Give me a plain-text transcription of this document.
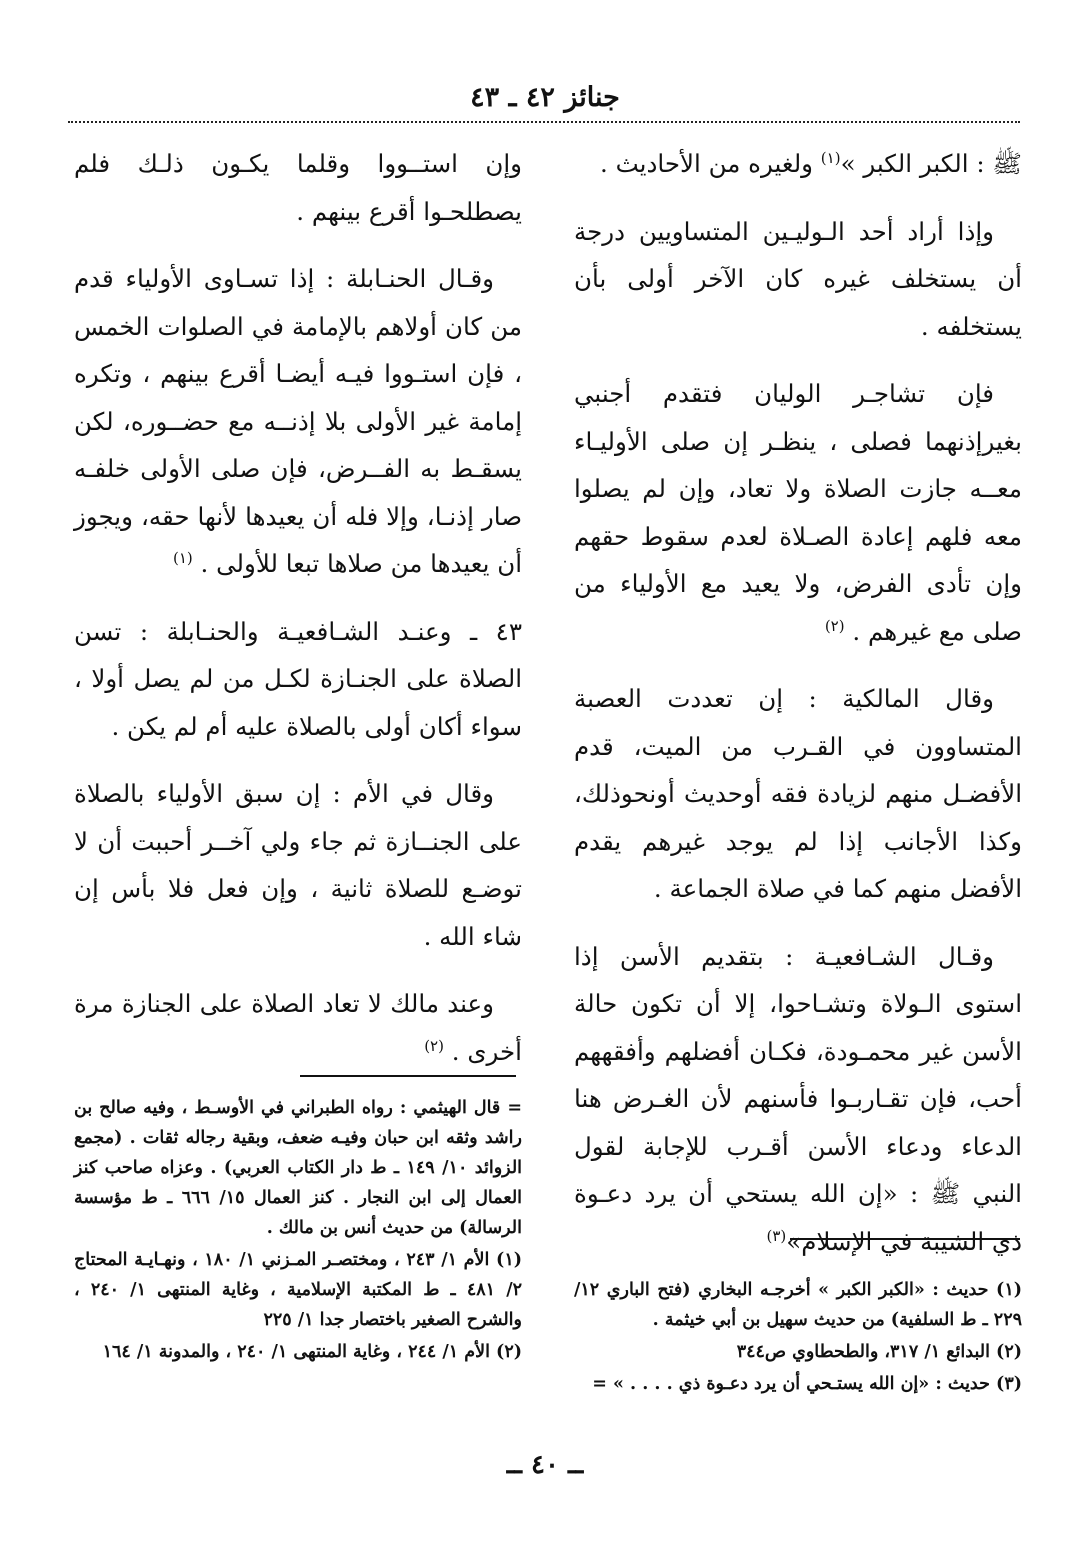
جنائز ٤٢ ـ ٤٣

ﷺ : الكبر الكبر »$^{(١)}$ ولغيره من الأحاديث .

وإذا أراد أحد الـوليـين المتساويين درجة أن يستخلف غيره كان الآخر أولى بأن يستخلفه .

فإن تشاجـر الوليان فتقدم أجنبي بغيرإذنهما فصلى ، ينظـر إن صلى الأوليـاء معــه جازت الصلاة ولا تعاد، وإن لم يصلوا معه فلهم إعادة الصـلاة لعدم سقوط حقهم وإن تأدى الفرض، ولا يعيد مع الأولياء من صلى مع غيرهم . $^{(٢)}$

وقال المالكية : إن تعددت العصبة المتساوون في القـرب من الميت، قدم الأفضـل منهم لزيادة فقه أوحديث أونحوذلك، وكذا الأجانب إذا لم يوجد غيرهم يقدم الأفضل منهم كما في صلاة الجماعة .

وقـال الشـافعيـة : بتقديم الأسن إذا استوى الـولاة وتشـاحوا، إلا أن تكون حالة الأسن غير محمـودة، فكـان أفضلهم وأفقههم أحب، فإن تقـاربـوا فأسنهم لأن الغـرض هنا الدعاء ودعاء الأسن أقـرب للإجابة لقول النبي ﷺ : «إن الله يستحي أن يرد دعـوة ذي الشيبة في الإسلام»$^{(٣)}$

وإن استــووا وقلما يكـون ذلـك فلم يصطلحـوا أقرع بينهم .

وقـال الحنـابلة : إذا تسـاوى الأولياء قدم من كان أولاهم بالإمامة في الصلوات الخمس ، فإن استـووا فيـه أيضـا أقرع بينهم ، وتكره إمامة غير الأولى بلا إذنــه مع حضــوره، لكن يسقـط به الفــرض، فإن صلى الأولى خلفـه صار إذنـا، وإلا فله أن يعيدها لأنها حقه، ويجوز أن يعيدها من صلاها تبعا للأولى . $^{(١)}$

٤٣ ـ وعنـد الشـافعيـة والحنـابلة : تسن الصلاة على الجنـازة لكـل من لم يصل أولا ، سواء أكان أولى بالصلاة عليه أم لم يكن .

وقال في الأم : إن سبق الأولياء بالصلاة على الجنــازة ثم جاء ولي آخــر أحببت أن لا توضـع للصلاة ثانية ، وإن فعل فلا بأس إن شاء الله .

وعند مالك لا تعاد الصلاة على الجنازة مرة أخرى . $^{(٢)}$

(١) حديث : «الكبر الكبر » أخرجـه البخاري (فتح الباري ١٢/ ٢٢٩ ـ ط السلفية) من حديث سهيل بن أبي خيثمة .

(٢) البدائع ١/ ٣١٧، والطحطاوي ص٣٤٤

(٣) حديث : «إن الله يستـحي أن يرد دعـوة ذي . . . . » =

= قال الهيثمي : رواه الطبراني في الأوسـط ، وفيه صالح بن راشد وثقه ابن حبان وفيـه ضعف، وبقية رجاله ثقات . (مجمع الزوائد ١٠/ ١٤٩ ـ ط دار الكتاب العربي) . وعزاه صاحب كنز العمال إلى ابن النجار . كنز العمال ١٥/ ٦٦٦ ـ ط مؤسسة الرسالة) من حديث أنس بن مالك .

(١) الأم ١/ ٢٤٣ ، ومختصـر المـزني ١/ ١٨٠ ، ونهـايـة المحتاج ٢/ ٤٨١ ـ ط المكتبة الإسلامية ، وغاية المنتهى ١/ ٢٤٠ ، والشرح الصغير باختصار جدا ١/ ٢٢٥

(٢) الأم ١/ ٢٤٤ ، وغاية المنتهى ١/ ٢٤٠ ، والمدونة ١/ ١٦٤

ــ ٤٠ ــ
